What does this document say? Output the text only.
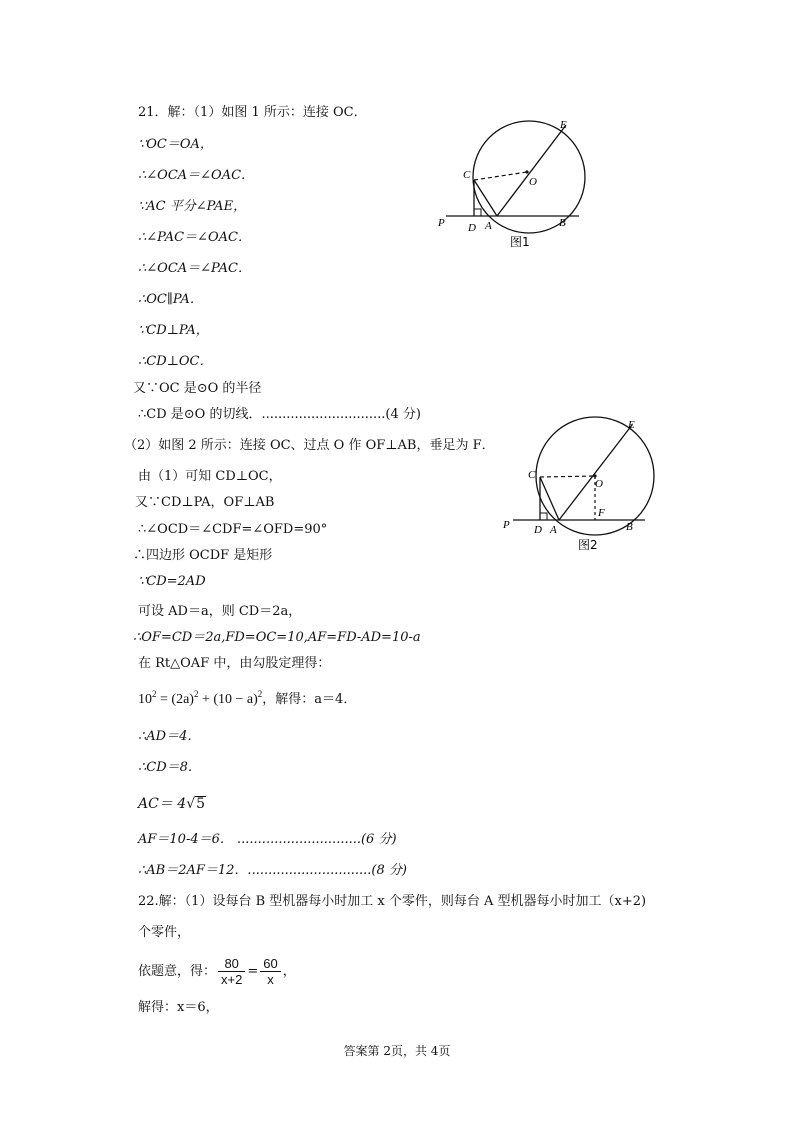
21．解：（1）如图 1 所示：连接 OC．
∵OC＝OA，
∴∠OCA＝∠OAC．
∵AC 平分∠PAE，
∴∠PAC＝∠OAC．
∴∠OCA＝∠PAC．
∴OC∥PA．
∵CD⊥PA，
∴CD⊥OC．
又∵OC 是⊙O 的半径
∴CD 是⊙O 的切线．..............................(4 分)
（2）如图 2 所示：连接 OC、过点 O 作 OF⊥AB，垂足为 F．
由（1）可知 CD⊥OC，
又∵CD⊥PA，OF⊥AB
∴∠OCD＝∠CDF=∠OFD=90°
∴四边形 OCDF 是矩形
∵CD=2AD
可设 AD＝a，则 CD＝2a，
∴OF=CD＝2a,FD=OC=10,AF=FD-AD=10-a
在 Rt△OAF 中，由勾股定理得：
$10^2 = (2a)^2 + (10 - a)^2$，解得：a＝4．
∴AD＝4．
∴CD＝8．
AC＝ 4√5
AF＝10-4＝6． ..............................(6 分)
∴AB＝2AF＝12．..............................(8 分)
22.解：（1）设每台 B 型机器每小时加工 x 个零件，则每台 A 型机器每小时加工（x+2)
个零件，
依题意，得： $\frac{80}{x+2} = \frac{60}{x}$ ，
解得：x＝6，
E
C
O
P D A	B
图1
E
C
O
F
P D A	B
图2
答案第 2页，共 4页
